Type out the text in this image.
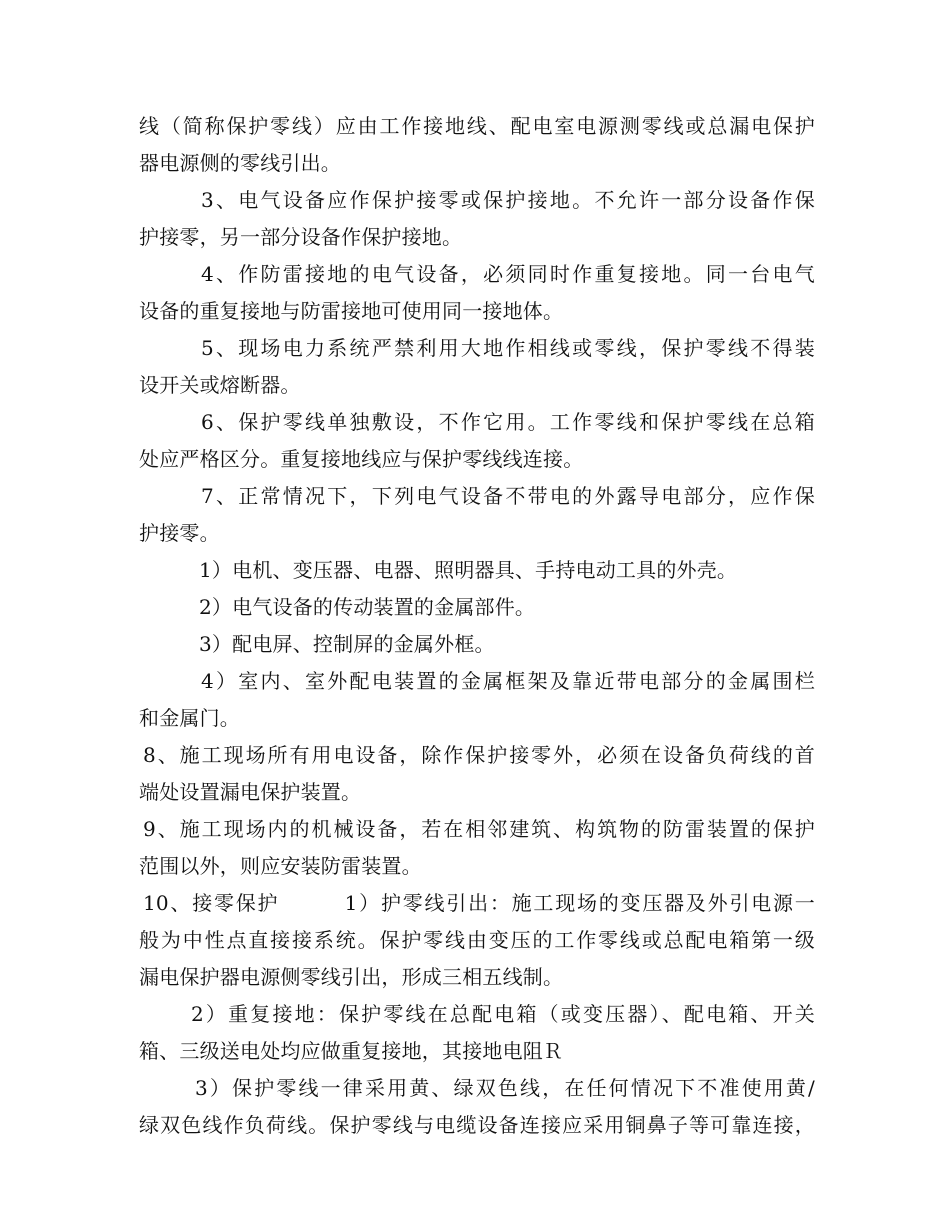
线（简称保护零线）应由工作接地线、配电室电源测零线或总漏电保护
器电源侧的零线引出。
3、电气设备应作保护接零或保护接地。不允许一部分设备作保
护接零，另一部分设备作保护接地。
4、作防雷接地的电气设备，必须同时作重复接地。同一台电气
设备的重复接地与防雷接地可使用同一接地体。
5、现场电力系统严禁利用大地作相线或零线，保护零线不得装
设开关或熔断器。
6、保护零线单独敷设，不作它用。工作零线和保护零线在总箱
处应严格区分。重复接地线应与保护零线线连接。
7、正常情况下，下列电气设备不带电的外露导电部分，应作保
护接零。
1）电机、变压器、电器、照明器具、手持电动工具的外壳。
2）电气设备的传动装置的金属部件。
3）配电屏、控制屏的金属外框。
4）室内、室外配电装置的金属框架及靠近带电部分的金属围栏
和金属门。
8、施工现场所有用电设备，除作保护接零外，必须在设备负荷线的首
端处设置漏电保护装置。
9、施工现场内的机械设备，若在相邻建筑、构筑物的防雷装置的保护
范围以外，则应安装防雷装置。
10、接零保护　　　1）护零线引出：施工现场的变压器及外引电源一
般为中性点直接接系统。保护零线由变压的工作零线或总配电箱第一级
漏电保护器电源侧零线引出，形成三相五线制。
2）重复接地：保护零线在总配电箱（或变压器）、配电箱、开关
箱、三级送电处均应做重复接地，其接地电阻Ｒ
3）保护零线一律采用黄、绿双色线，在任何情况下不准使用黄/
绿双色线作负荷线。保护零线与电缆设备连接应采用铜鼻子等可靠连接，
